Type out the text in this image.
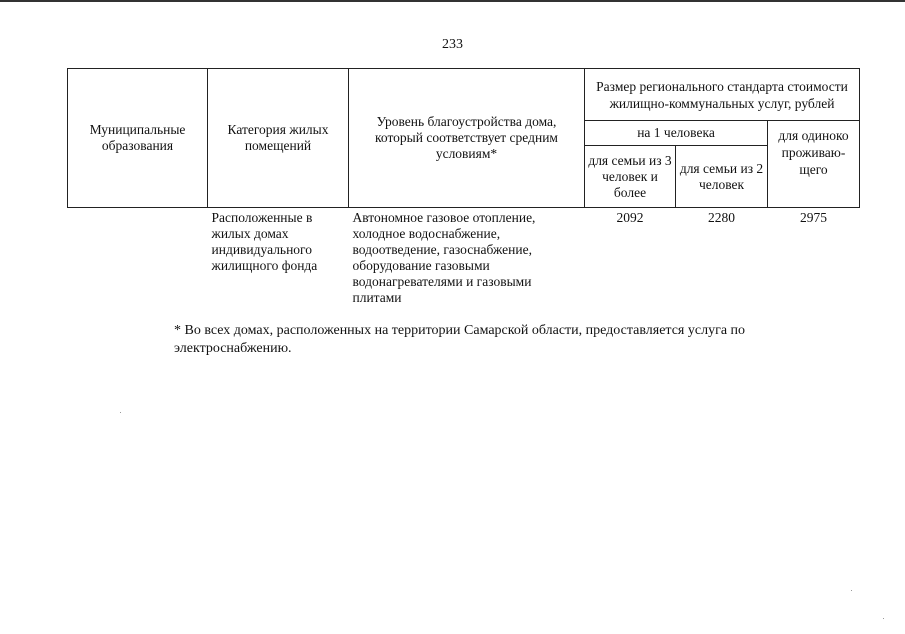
233
Муниципальные образования	Категория жилых помещений	Уровень благоустройства дома, который соответствует средним условиям*	Размер регионального стандарта стоимости жилищно-коммунальных услуг, рублей		
			на 1 человека		для одиноко проживаю-щего
			для семьи из 3 человек и более	для семьи из 2 человек	
	Расположенные в жилых домах индивидуального жилищного фонда	Автономное газовое отопление, холодное водоснабжение, водоотведение, газоснабжение, оборудование газовыми водонагревателями и газовыми плитами	2092	2280	2975
* Во всех домах, расположенных на территории Самарской области, предоставляется услуга по электроснабжению.
